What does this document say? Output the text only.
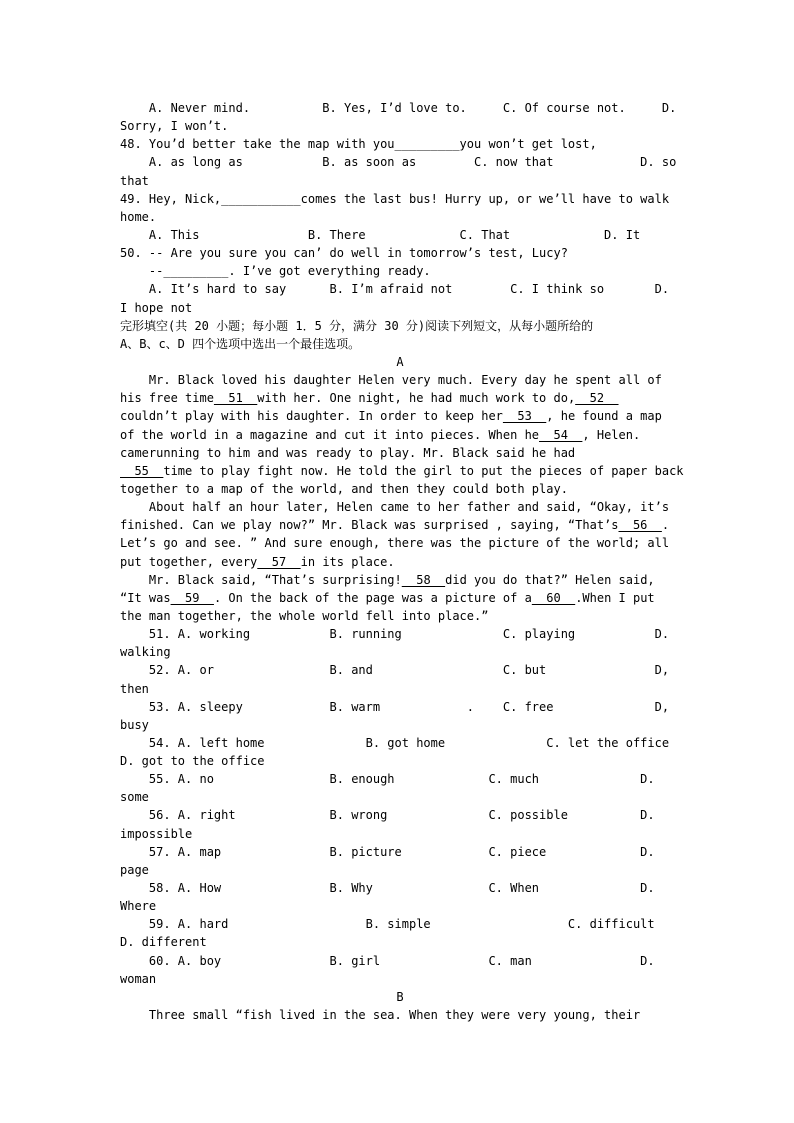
A. Never mind.          B. Yes, I’d love to.     C. Of course not.     D.
Sorry, I won’t.
48. You’d better take the map with you_________you won’t get lost,
A. as long as           B. as soon as        C. now that            D. so
that
49. Hey, Nick,___________comes the last bus! Hurry up, or we’ll have to walk
home.
A. This               B. There             C. That             D. It
50. -- Are you sure you can’ do well in tomorrow’s test, Lucy?
--_________. I’ve got everything ready.
A. It’s hard to say      B. I’m afraid not        C. I think so       D.
I hope not
完形填空(共 20 小题；每小题 1．5 分，满分 30 分)阅读下列短文，从每小题所给的
A、B、c、D 四个选项中选出一个最佳选项。
A
Mr. Black loved his daughter Helen very much. Every day he spent all of
his free time  51  with her. One night, he had much work to do,  52
couldn’t play with his daughter. In order to keep her  53  , he found a map
of the world in a magazine and cut it into pieces. When he  54  , Helen.
camerunning to him and was ready to play. Mr. Black said he had
55  time to play fight now. He told the girl to put the pieces of paper back
together to a map of the world, and then they could both play.
About half an hour later, Helen came to her father and said, “Okay, it’s
finished. Can we play now?” Mr. Black was surprised , saying, “That’s  56  .
Let’s go and see. ” And sure enough, there was the picture of the world; all
put together, every  57  in its place.
Mr. Black said, “That’s surprising!  58  did you do that?” Helen said,
“It was  59  . On the back of the page was a picture of a  60  .When I put
the man together, the whole world fell into place.”
51. A. working           B. running              C. playing           D.
walking
52. A. or                B. and                  C. but               D,
then
53. A. sleepy            B. warm            .    C. free              D,
busy
54. A. left home              B. got home              C. let the office
D. got to the office
55. A. no                B. enough             C. much              D.
some
56. A. right             B. wrong              C. possible          D.
impossible
57. A. map               B. picture            C. piece             D.
page
58. A. How               B. Why                C. When              D.
Where
59. A. hard                   B. simple                   C. difficult
D. different
60. A. boy               B. girl               C. man               D.
woman
B
Three small “fish lived in the sea. When they were very young, their
